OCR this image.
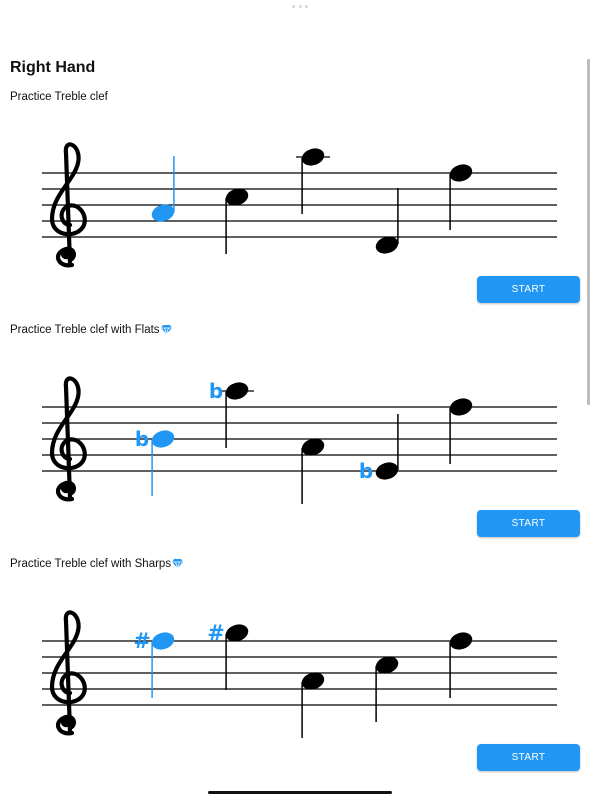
Right Hand
Practice Treble clef
START
Practice Treble clef with Flats
b
b
b
START
Practice Treble clef with Sharps
#	#
START
